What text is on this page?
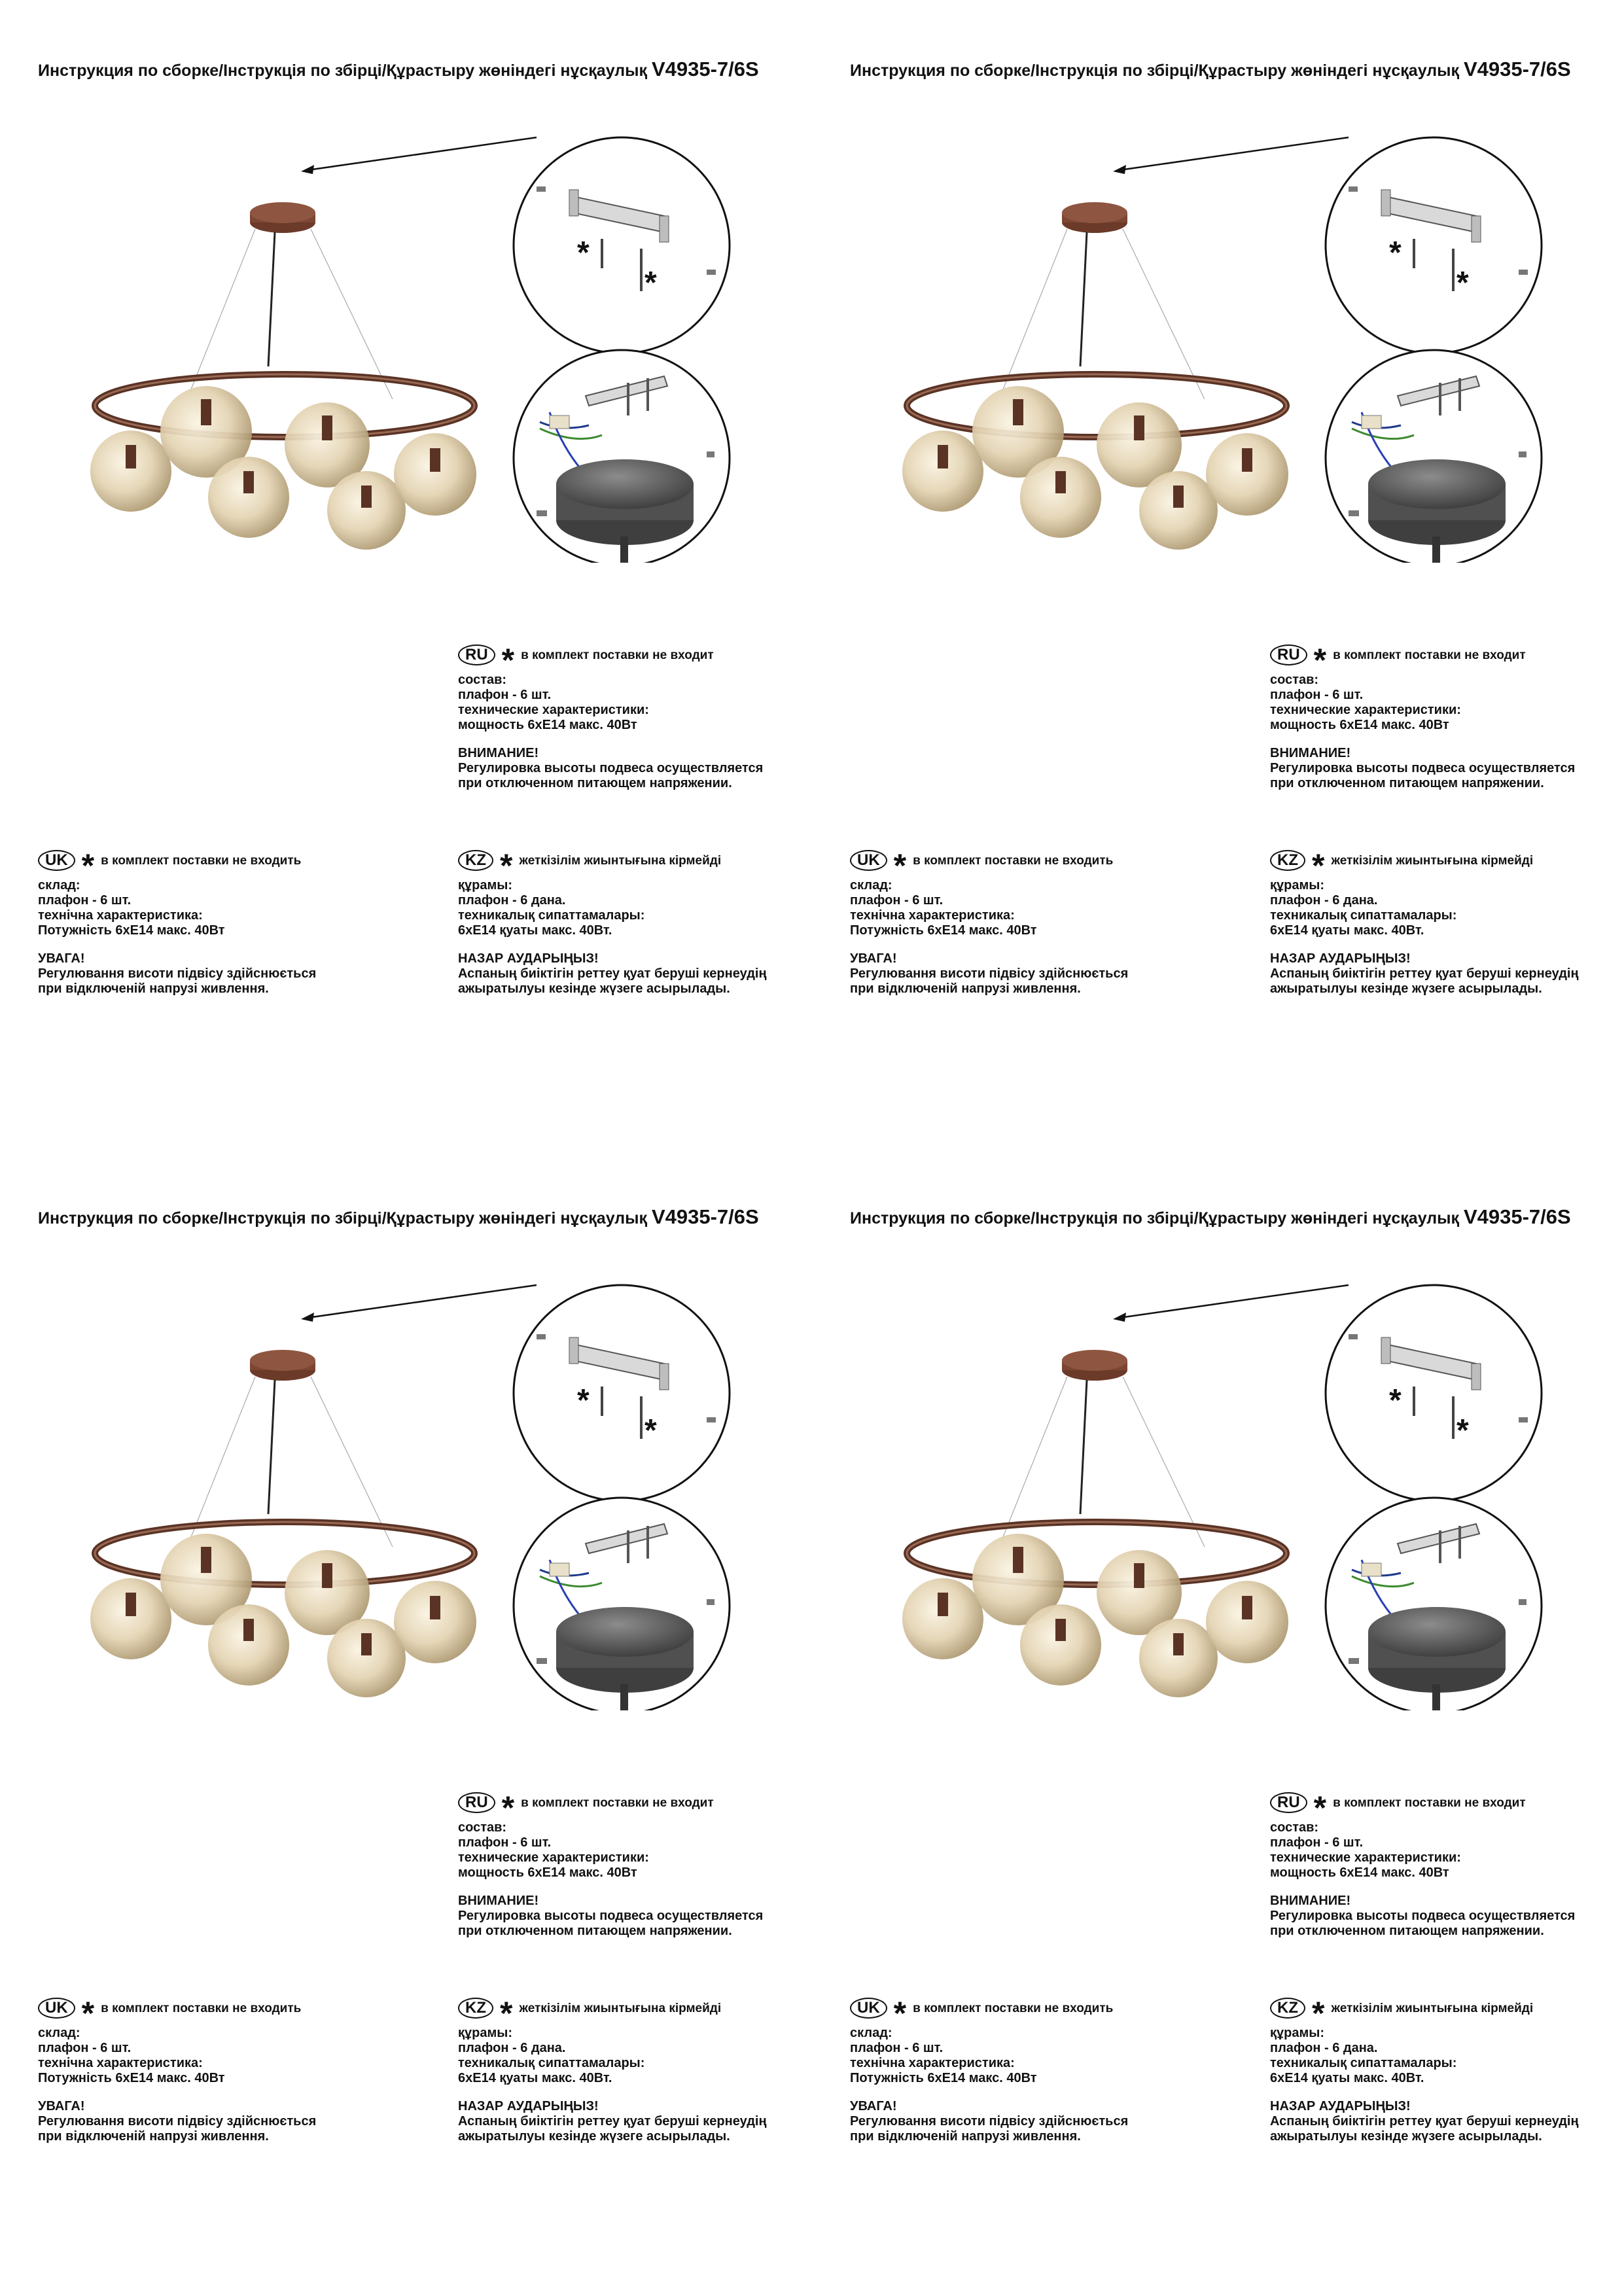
Инструкция по сборке/Інструкція по збірці/Құрастыру жөніндегі нұсқаулық V4935-7/6S
*
*
RU * в комплект поставки не входит
состав:
плафон - 6 шт.
технические характеристики:
мощность 6хЕ14 макс. 40Вт
ВНИМАНИЕ!
Регулировка высоты подвеса осуществляется
при отключенном питающем напряжении.
UK * в комплект поставки не входить
склад:
плафон - 6 шт.
технічна характеристика:
Потужність 6хЕ14 макс. 40Вт
УВАГА!
Регулювання висоти підвісу здійснюється
при відключеній напрузі живлення.
KZ * жеткізілім жиынтығына кірмейді
құрамы:
плафон - 6 дана.
техникалық сипаттамалары:
6хЕ14 қуаты макс. 40Вт.
НАЗАР АУДАРЫҢЫЗ!
Аспаның биіктігін реттеу қуат беруші кернеудің
ажыратылуы кезінде жүзеге асырылады.
Инструкция по сборке/Інструкція по збірці/Құрастыру жөніндегі нұсқаулық V4935-7/6S
*
*
RU * в комплект поставки не входит
состав:
плафон - 6 шт.
технические характеристики:
мощность 6хЕ14 макс. 40Вт
ВНИМАНИЕ!
Регулировка высоты подвеса осуществляется
при отключенном питающем напряжении.
UK * в комплект поставки не входить
склад:
плафон - 6 шт.
технічна характеристика:
Потужність 6хЕ14 макс. 40Вт
УВАГА!
Регулювання висоти підвісу здійснюється
при відключеній напрузі живлення.
KZ * жеткізілім жиынтығына кірмейді
құрамы:
плафон - 6 дана.
техникалық сипаттамалары:
6хЕ14 қуаты макс. 40Вт.
НАЗАР АУДАРЫҢЫЗ!
Аспаның биіктігін реттеу қуат беруші кернеудің
ажыратылуы кезінде жүзеге асырылады.
Инструкция по сборке/Інструкція по збірці/Құрастыру жөніндегі нұсқаулық V4935-7/6S
*
*
RU * в комплект поставки не входит
состав:
плафон - 6 шт.
технические характеристики:
мощность 6хЕ14 макс. 40Вт
ВНИМАНИЕ!
Регулировка высоты подвеса осуществляется
при отключенном питающем напряжении.
UK * в комплект поставки не входить
склад:
плафон - 6 шт.
технічна характеристика:
Потужність 6хЕ14 макс. 40Вт
УВАГА!
Регулювання висоти підвісу здійснюється
при відключеній напрузі живлення.
KZ * жеткізілім жиынтығына кірмейді
құрамы:
плафон - 6 дана.
техникалық сипаттамалары:
6хЕ14 қуаты макс. 40Вт.
НАЗАР АУДАРЫҢЫЗ!
Аспаның биіктігін реттеу қуат беруші кернеудің
ажыратылуы кезінде жүзеге асырылады.
Инструкция по сборке/Інструкція по збірці/Құрастыру жөніндегі нұсқаулық V4935-7/6S
*
*
RU * в комплект поставки не входит
состав:
плафон - 6 шт.
технические характеристики:
мощность 6хЕ14 макс. 40Вт
ВНИМАНИЕ!
Регулировка высоты подвеса осуществляется
при отключенном питающем напряжении.
UK * в комплект поставки не входить
склад:
плафон - 6 шт.
технічна характеристика:
Потужність 6хЕ14 макс. 40Вт
УВАГА!
Регулювання висоти підвісу здійснюється
при відключеній напрузі живлення.
KZ * жеткізілім жиынтығына кірмейді
құрамы:
плафон - 6 дана.
техникалық сипаттамалары:
6хЕ14 қуаты макс. 40Вт.
НАЗАР АУДАРЫҢЫЗ!
Аспаның биіктігін реттеу қуат беруші кернеудің
ажыратылуы кезінде жүзеге асырылады.
